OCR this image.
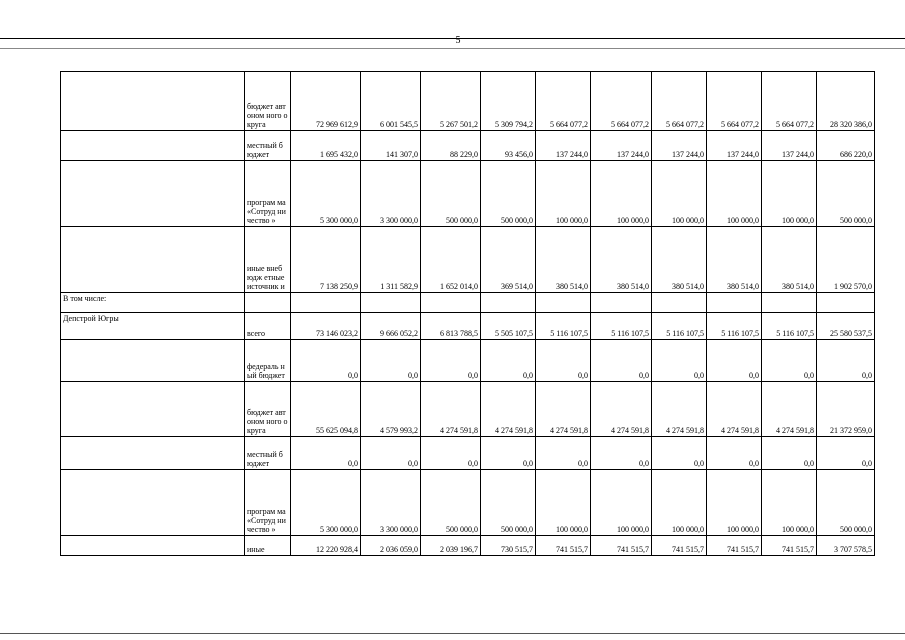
5
	бюджет автоном ного округа	72 969 612,9	6 001 545,5	5 267 501,2	5 309 794,2	5 664 077,2	5 664 077,2	5 664 077,2	5 664 077,2	5 664 077,2	28 320 386,0
	местный бюджет	1 695 432,0	141 307,0	88 229,0	93 456,0	137 244,0	137 244,0	137 244,0	137 244,0	137 244,0	686 220,0
	програм ма «Сотруд ничество »	5 300 000,0	3 300 000,0	500 000,0	500 000,0	100 000,0	100 000,0	100 000,0	100 000,0	100 000,0	500 000,0
	иные внебюдж етные источник и	7 138 250,9	1 311 582,9	1 652 014,0	369 514,0	380 514,0	380 514,0	380 514,0	380 514,0	380 514,0	1 902 570,0
В том числе:											
Депстрой Югры	всего	73 146 023,2	9 666 052,2	6 813 788,5	5 505 107,5	5 116 107,5	5 116 107,5	5 116 107,5	5 116 107,5	5 116 107,5	25 580 537,5
	федераль ный бюджет	0,0	0,0	0,0	0,0	0,0	0,0	0,0	0,0	0,0	0,0
	бюджет автоном ного округа	55 625 094,8	4 579 993,2	4 274 591,8	4 274 591,8	4 274 591,8	4 274 591,8	4 274 591,8	4 274 591,8	4 274 591,8	21 372 959,0
	местный бюджет	0,0	0,0	0,0	0,0	0,0	0,0	0,0	0,0	0,0	0,0
	програм ма «Сотруд ничество »	5 300 000,0	3 300 000,0	500 000,0	500 000,0	100 000,0	100 000,0	100 000,0	100 000,0	100 000,0	500 000,0
	иные	12 220 928,4	2 036 059,0	2 039 196,7	730 515,7	741 515,7	741 515,7	741 515,7	741 515,7	741 515,7	3 707 578,5
